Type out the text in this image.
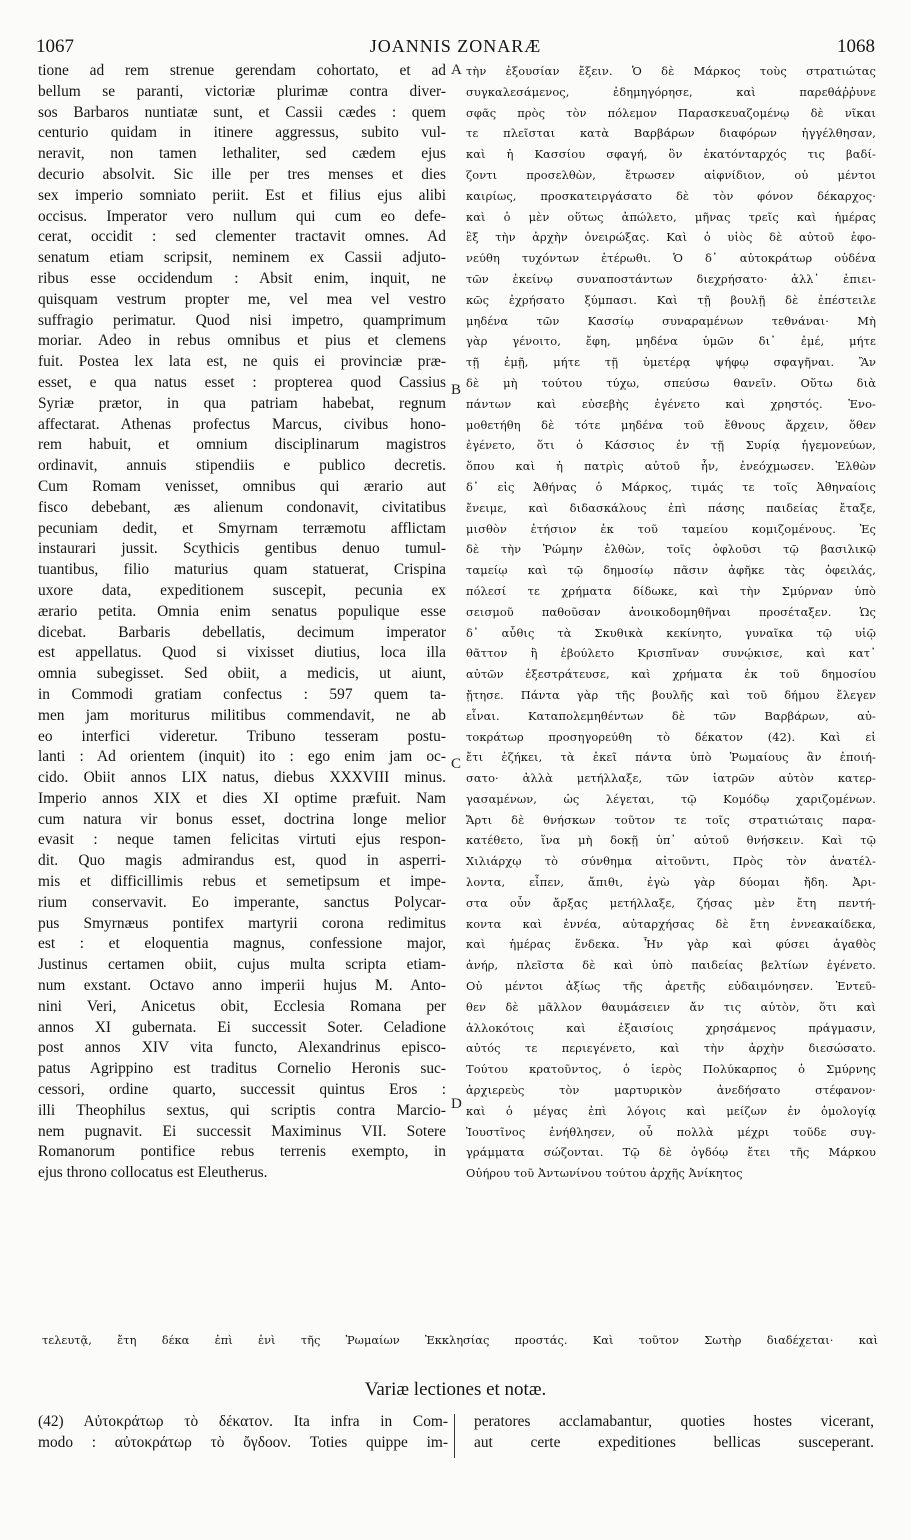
1067	JOANNIS ZONARÆ	1068
tione ad rem strenue gerendam cohortato, et ad
bellum se paranti, victoriæ plurimæ contra diver-
sos Barbaros nuntiatæ sunt, et Cassii cædes : quem
centurio quidam in itinere aggressus, subito vul-
neravit, non tamen lethaliter, sed cædem ejus
decurio absolvit. Sic ille per tres menses et dies
sex imperio somniato periit. Est et filius ejus alibi
occisus. Imperator vero nullum qui cum eo defe-
cerat, occidit : sed clementer tractavit omnes. Ad
senatum etiam scripsit, neminem ex Cassii adjuto-
ribus esse occidendum : Absit enim, inquit, ne
quisquam vestrum propter me, vel mea vel vestro
suffragio perimatur. Quod nisi impetro, quamprimum
moriar. Adeo in rebus omnibus et pius et clemens
fuit. Postea lex lata est, ne quis ei provinciæ præ-
esset, e qua natus esset : propterea quod Cassius
Syriæ prætor, in qua patriam habebat, regnum
affectarat. Athenas profectus Marcus, civibus hono-
rem habuit, et omnium disciplinarum magistros
ordinavit, annuis stipendiis e publico decretis.
Cum Romam venisset, omnibus qui ærario aut
fisco debebant, æs alienum condonavit, civitatibus
pecuniam dedit, et Smyrnam terræmotu afflictam
instaurari jussit. Scythicis gentibus denuo tumul-
tuantibus, filio maturius quam statuerat, Crispina
uxore data, expeditionem suscepit, pecunia ex
ærario petita. Omnia enim senatus populique esse
dicebat. Barbaris debellatis, decimum imperator
est appellatus. Quod si vixisset diutius, loca illa
omnia subegisset. Sed obiit, a medicis, ut aiunt,
in Commodi gratiam confectus : 597 quem ta-
men jam moriturus militibus commendavit, ne ab
eo interfici videretur. Tribuno tesseram postu-
lanti : Ad orientem (inquit) ito : ego enim jam oc-
cido. Obiit annos LIX natus, diebus XXXVIII minus.
Imperio annos XIX et dies XI optime præfuit. Nam
cum natura vir bonus esset, doctrina longe melior
evasit : neque tamen felicitas virtuti ejus respon-
dit. Quo magis admirandus est, quod in asperri-
mis et difficillimis rebus et semetipsum et impe-
rium conservavit. Eo imperante, sanctus Polycar-
pus Smyrnæus pontifex martyrii corona redimitus
est : et eloquentia magnus, confessione major,
Justinus certamen obiit, cujus multa scripta etiam-
num exstant. Octavo anno imperii hujus M. Anto-
nini Veri, Anicetus obit, Ecclesia Romana per
annos XI gubernata. Ei successit Soter. Celadione
post annos XIV vita functo, Alexandrinus episco-
patus Agrippino est traditus Cornelio Heronis suc-
cessori, ordine quarto, successit quintus Eros :
illi Theophilus sextus, qui scriptis contra Marcio-
nem pugnavit. Ei successit Maximinus VII. Sotere
Romanorum pontifice rebus terrenis exempto, in
ejus throno collocatus est Eleutherus.
τὴν ἐξουσίαν ἔξειν. Ὁ δὲ Μάρκος τοὺς στρατιώτας
συγκαλεσάμενος, ἐδημηγόρησε, καὶ παρεθάῤῥυνε
σφᾶς πρὸς τὸν πόλεμον Παρασκευαζομένῳ δὲ νῖκαι
τε πλεῖσται κατὰ Βαρβάρων διαφόρων ἠγγέλθησαν,
καὶ ἡ Κασσίου σφαγή, ὃν ἑκατόνταρχός τις βαδί-
ζοντι προσελθὼν, ἔτρωσεν αἰφνίδιον, οὐ μέντοι
καιρίως, προσκατειργάσατο δὲ τὸν φόνον δέκαρχος·
καὶ ὁ μὲν οὕτως ἀπώλετο, μῆνας τρεῖς καὶ ἡμέρας
ἓξ τὴν ἀρχὴν ὀνειρώξας. Καὶ ὁ υἱὸς δὲ αὐτοῦ ἐφο-
νεύθη τυχόντων ἑτέρωθι. Ὁ δ᾽ αὐτοκράτωρ οὐδένα
τῶν ἐκείνῳ συναποστάντων διεχρήσατο· ἀλλ᾽ ἐπιει-
κῶς ἐχρήσατο ξύμπασι. Καὶ τῇ βουλῇ δὲ ἐπέστειλε
μηδένα τῶν Κασσίῳ συναραμένων τεθνάναι· Μὴ
γὰρ γένοιτο, ἔφη, μηδένα ὑμῶν δι᾽ ἐμέ, μήτε
τῇ ἐμῇ, μήτε τῇ ὑμετέρᾳ ψήφῳ σφαγῆναι. Ἂν
δὲ μὴ τούτου τύχω, σπεύσω θανεῖν. Οὕτω διὰ
πάντων καὶ εὐσεβὴς ἐγένετο καὶ χρηστός. Ἐνο-
μοθετήθη δὲ τότε μηδένα τοῦ ἔθνους ἄρχειν, ὅθεν
ἐγένετο, ὅτι ὁ Κάσσιος ἐν τῇ Συρίᾳ ἡγεμονεύων,
ὅπου καὶ ἡ πατρὶς αὐτοῦ ἦν, ἐνεόχμωσεν. Ἐλθὼν
δ᾽ εἰς Ἀθήνας ὁ Μάρκος, τιμάς τε τοῖς Ἀθηναίοις
ἔνειμε, καὶ διδασκάλους ἐπὶ πάσης παιδείας ἔταξε,
μισθὸν ἐτήσιον ἐκ τοῦ ταμείου κομιζομένους. Ἐς
δὲ τὴν Ῥώμην ἐλθὼν, τοῖς ὀφλοῦσι τῷ βασιλικῷ
ταμείῳ καὶ τῷ δημοσίῳ πᾶσιν ἀφῆκε τὰς ὀφειλάς,
πόλεσί τε χρήματα δίδωκε, καὶ τὴν Σμύρναν ὑπὸ
σεισμοῦ παθοῦσαν ἀνοικοδομηθῆναι προσέταξεν. Ὡς
δ᾽ αὖθις τὰ Σκυθικὰ κεκίνητο, γυναῖκα τῷ υἱῷ
θᾶττον ἢ ἐβούλετο Κρισπῖναν συνῴκισε, καὶ κατ᾽
αὐτῶν ἐξεστράτευσε, καὶ χρήματα ἐκ τοῦ δημοσίου
ᾔτησε. Πάντα γὰρ τῆς βουλῆς καὶ τοῦ δήμου ἔλεγεν
εἶναι. Καταπολεμηθέντων δὲ τῶν Βαρβάρων, αὐ-
τοκράτωρ προσηγορεύθη τὸ δέκατον (42). Καὶ εἰ
ἔτι ἐζήκει, τὰ ἐκεῖ πάντα ὑπὸ Ῥωμαίους ἂν ἐποιή-
σατο· ἀλλὰ μετήλλαξε, τῶν ἰατρῶν αὐτὸν κατερ-
γασαμένων, ὡς λέγεται, τῷ Κομόδῳ χαριζομένων.
Ἄρτι δὲ θνήσκων τοῦτον τε τοῖς στρατιώταις παρα-
κατέθετο, ἵνα μὴ δοκῇ ὑπ᾽ αὐτοῦ θνήσκειν. Καὶ τῷ
Χιλιάρχῳ τὸ σύνθημα αἰτοῦντι, Πρὸς τὸν ἀνατέλ-
λοντα, εἶπεν, ἄπιθι, ἐγὼ γὰρ δύομαι ἤδη. Ἀρι-
στα οὖν ἄρξας μετήλλαξε, ζήσας μὲν ἔτη πεντή-
κοντα καὶ ἐννέα, αὐταρχήσας δὲ ἔτη ἐννεακαίδεκα,
καὶ ἡμέρας ἕνδεκα. Ἦν γὰρ καὶ φύσει ἀγαθὸς
ἀνήρ, πλεῖστα δὲ καὶ ὑπὸ παιδείας βελτίων ἐγένετο.
Οὐ μέντοι ἀξίως τῆς ἀρετῆς εὐδαιμόνησεν. Ἐντεῦ-
θεν δὲ μᾶλλον θαυμάσειεν ἄν τις αὐτὸν, ὅτι καὶ
ἀλλοκότοις καὶ ἐξαισίοις χρησάμενος πράγμασιν,
αὐτός τε περιεγένετο, καὶ τὴν ἀρχὴν διεσώσατο.
Τούτου κρατοῦντος, ὁ ἱερὸς Πολύκαρπος ὁ Σμύρνης
ἀρχιερεὺς τὸν μαρτυρικὸν ἀνεδήσατο στέφανον·
καὶ ὁ μέγας ἐπὶ λόγοις καὶ μείζων ἐν ὁμολογίᾳ
Ἰουστῖνος ἐνήθλησεν, οὗ πολλὰ μέχρι τοῦδε συγ-
γράμματα σώζονται. Τῷ δὲ ὀγδόῳ ἔτει τῆς Μάρκου
Οὐήρου τοῦ Ἀντωνίνου τούτου ἀρχῆς Ἀνίκητος
A
B
C
D
τελευτᾷ, ἔτη δέκα ἐπὶ ἑνὶ τῆς Ῥωμαίων Ἐκκλησίας προστάς. Καὶ τοῦτον Σωτὴρ διαδέχεται· καὶ
Variæ lectiones et notæ.
(42) Αὐτοκράτωρ τὸ δέκατον. Ita infra in Com-
modo : αὐτοκράτωρ τὸ ὄγδοον. Toties quippe im-
peratores acclamabantur, quoties hostes vicerant,
aut certe expeditiones bellicas susceperant.
